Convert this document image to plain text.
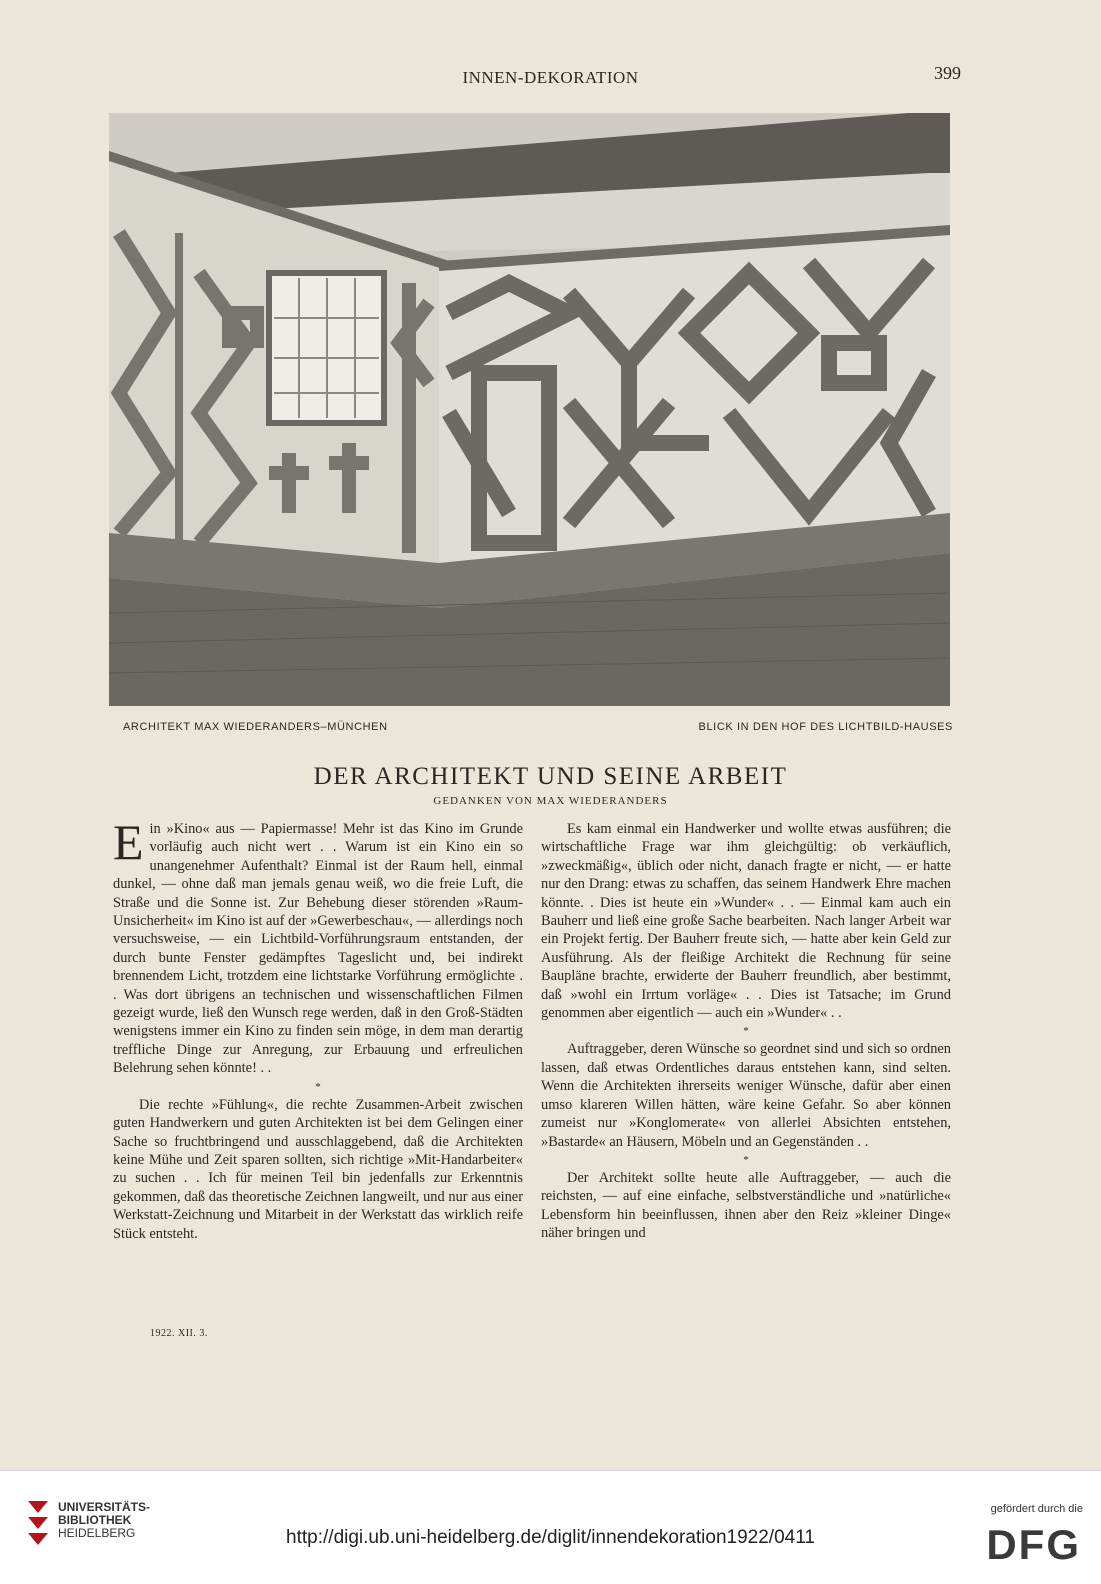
INNEN-DEKORATION	399
ARCHITEKT MAX WIEDERANDERS–MÜNCHEN	BLICK IN DEN HOF DES LICHTBILD-HAUSES
DER ARCHITEKT UND SEINE ARBEIT
GEDANKEN VON MAX WIEDERANDERS

Ein »Kino« aus — Papiermasse! Mehr ist das Kino im Grunde vorläufig auch nicht wert . . Warum ist ein Kino ein so unangenehmer Aufenthalt? Einmal ist der Raum hell, einmal dunkel, — ohne daß man jemals genau weiß, wo die freie Luft, die Straße und die Sonne ist. Zur Behebung dieser störenden »Raum-Unsicherheit« im Kino ist auf der »Gewerbeschau«, — allerdings noch versuchsweise, — ein Lichtbild-Vorführungsraum entstanden, der durch bunte Fenster gedämpftes Tageslicht und, bei indirekt brennendem Licht, trotzdem eine lichtstarke Vorführung ermöglichte . . Was dort übrigens an technischen und wissenschaftlichen Filmen gezeigt wurde, ließ den Wunsch rege werden, daß in den Groß-Städten wenigstens immer ein Kino zu finden sein möge, in dem man derartig treffliche Dinge zur Anregung, zur Erbauung und erfreulichen Belehrung sehen könnte! . .

*

Die rechte »Fühlung«, die rechte Zusammen-Arbeit zwischen guten Handwerkern und guten Architekten ist bei dem Gelingen einer Sache so fruchtbringend und ausschlaggebend, daß die Architekten keine Mühe und Zeit sparen sollten, sich richtige »Mit-Handarbeiter« zu suchen . . Ich für meinen Teil bin jedenfalls zur Erkenntnis gekommen, daß das theoretische Zeichnen langweilt, und nur aus einer Werkstatt-Zeichnung und Mitarbeit in der Werkstatt das wirklich reife Stück entsteht.

Es kam einmal ein Handwerker und wollte etwas ausführen; die wirtschaftliche Frage war ihm gleichgültig: ob verkäuflich, »zweckmäßig«, üblich oder nicht, danach fragte er nicht, — er hatte nur den Drang: etwas zu schaffen, das seinem Handwerk Ehre machen könnte. . Dies ist heute ein »Wunder« . . — Einmal kam auch ein Bauherr und ließ eine große Sache bearbeiten. Nach langer Arbeit war ein Projekt fertig. Der Bauherr freute sich, — hatte aber kein Geld zur Ausführung. Als der fleißige Architekt die Rechnung für seine Baupläne brachte, erwiderte der Bauherr freundlich, aber bestimmt, daß »wohl ein Irrtum vorläge« . . Dies ist Tatsache; im Grund genommen aber eigentlich — auch ein »Wunder« . .

*

Auftraggeber, deren Wünsche so geordnet sind und sich so ordnen lassen, daß etwas Ordentliches daraus entstehen kann, sind selten. Wenn die Architekten ihrerseits weniger Wünsche, dafür aber einen umso klareren Willen hätten, wäre keine Gefahr. So aber können zumeist nur »Konglomerate« von allerlei Absichten entstehen, »Bastarde« an Häusern, Möbeln und an Gegenständen . .

*

Der Architekt sollte heute alle Auftraggeber, — auch die reichsten, — auf eine einfache, selbstverständliche und »natürliche« Lebensform hin beeinflussen, ihnen aber den Reiz »kleiner Dinge« näher bringen und

1922. XII. 3.
UNIVERSITÄTS-
BIBLIOTHEK
HEIDELBERG	http://digi.ub.uni-heidelberg.de/diglit/innendekoration1922/0411
gefördert durch die
DFG
